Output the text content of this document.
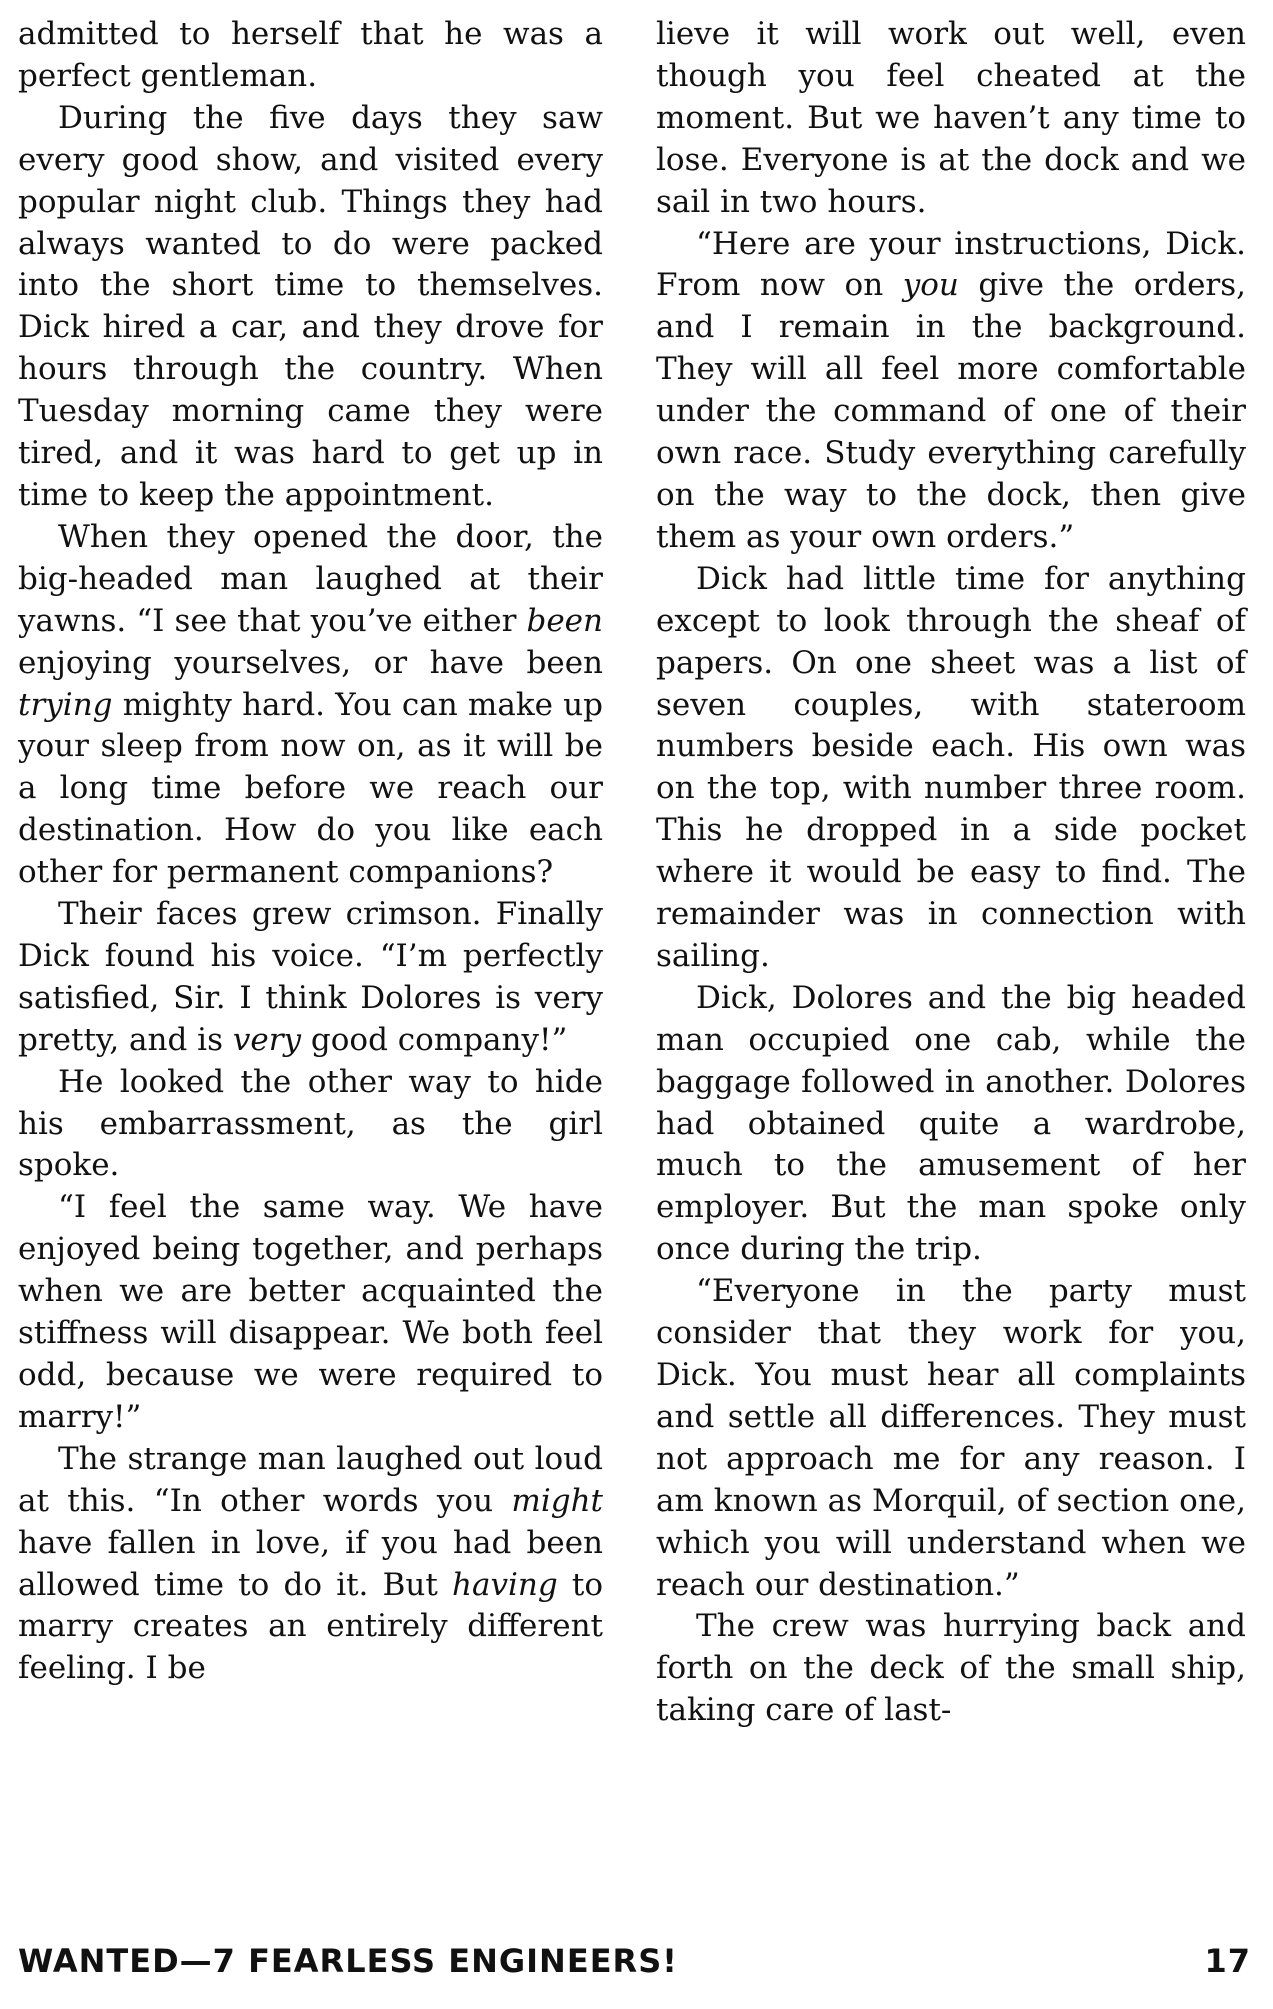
admitted to herself that he was a perfect gentleman.

During the five days they saw every good show, and visited every popular night club. Things they had always wanted to do were packed into the short time to themselves. Dick hired a car, and they drove for hours through the country. When Tuesday morning came they were tired, and it was hard to get up in time to keep the appointment.

When they opened the door, the big-headed man laughed at their yawns. “I see that you’ve either been enjoying yourselves, or have been trying mighty hard. You can make up your sleep from now on, as it will be a long time before we reach our destination. How do you like each other for permanent companions?

Their faces grew crimson. Finally Dick found his voice. “I’m perfectly satisfied, Sir. I think Dolores is very pretty, and is very good company!”

He looked the other way to hide his embarrassment, as the girl spoke.

“I feel the same way. We have enjoyed being together, and perhaps when we are better acquainted the stiffness will disappear. We both feel odd, because we were required to marry!”

The strange man laughed out loud at this. “In other words you might have fallen in love, if you had been allowed time to do it. But having to marry creates an entirely different feeling. I be

lieve it will work out well, even though you feel cheated at the moment. But we haven’t any time to lose. Everyone is at the dock and we sail in two hours.

“Here are your instructions, Dick. From now on you give the orders, and I remain in the background. They will all feel more comfortable under the command of one of their own race. Study everything carefully on the way to the dock, then give them as your own orders.”

Dick had little time for anything except to look through the sheaf of papers. On one sheet was a list of seven couples, with stateroom numbers beside each. His own was on the top, with number three room. This he dropped in a side pocket where it would be easy to find. The remainder was in connection with sailing.

Dick, Dolores and the big headed man occupied one cab, while the baggage followed in another. Dolores had obtained quite a wardrobe, much to the amusement of her employer. But the man spoke only once during the trip.

“Everyone in the party must consider that they work for you, Dick. You must hear all complaints and settle all differences. They must not approach me for any reason. I am known as Morquil, of section one, which you will understand when we reach our destination.”

The crew was hurrying back and forth on the deck of the small ship, taking care of last-

WANTED—7 FEARLESS ENGINEERS!	17
